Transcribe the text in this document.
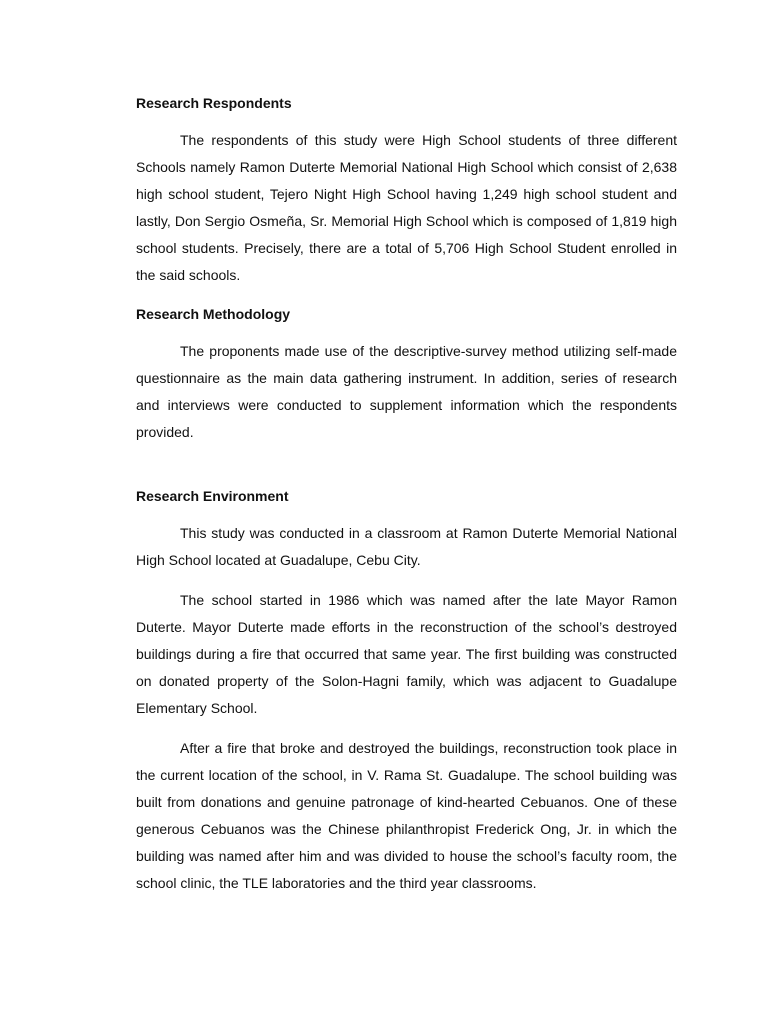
Research Respondents

The respondents of this study were High School students of three different Schools namely Ramon Duterte Memorial National High School which consist of 2,638 high school student, Tejero Night High School having 1,249 high school student and lastly, Don Sergio Osmeña, Sr. Memorial High School which is composed of 1,819 high school students. Precisely, there are a total of 5,706 High School Student enrolled in the said schools.

Research Methodology

The proponents made use of the descriptive-survey method utilizing self-made questionnaire as the main data gathering instrument. In addition, series of research and interviews were conducted to supplement information which the respondents provided.

Research Environment

This study was conducted in a classroom at Ramon Duterte Memorial National High School located at Guadalupe, Cebu City.

The school started in 1986 which was named after the late Mayor Ramon Duterte. Mayor Duterte made efforts in the reconstruction of the school’s destroyed buildings during a fire that occurred that same year. The first building was constructed on donated property of the Solon-Hagni family, which was adjacent to Guadalupe Elementary School.

After a fire that broke and destroyed the buildings, reconstruction took place in the current location of the school, in V. Rama St. Guadalupe. The school building was built from donations and genuine patronage of kind-hearted Cebuanos. One of these generous Cebuanos was the Chinese philanthropist Frederick Ong, Jr. in which the building was named after him and was divided to house the school’s faculty room, the school clinic, the TLE laboratories and the third year classrooms.
